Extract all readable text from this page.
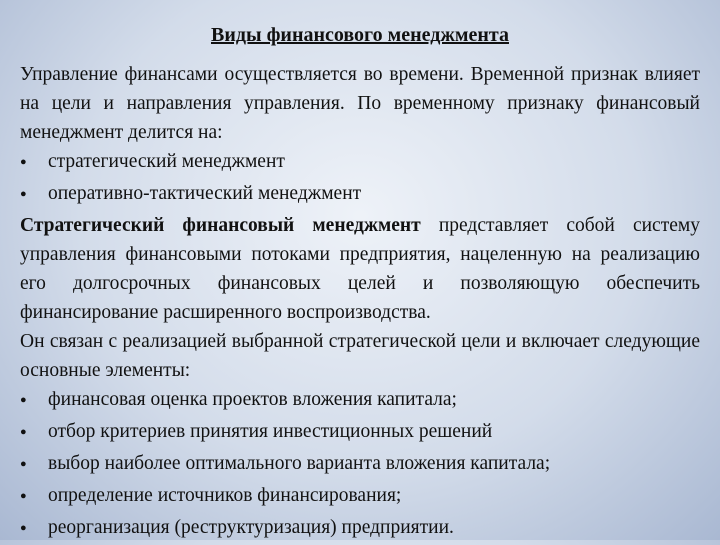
Виды финансового менеджмента

Управление финансами осуществляется во времени. Временной признак влияет на цели и направления управления. По временному признаку финансовый менеджмент делится на:

●	стратегический менеджмент
●	оперативно-тактический менеджмент

Стратегический финансовый менеджмент представляет собой систему управления финансовыми потоками предприятия, нацеленную на реализацию его долгосрочных финансовых целей и позволяющую обеспечить финансирование расширенного воспроизводства.

Он связан с реализацией выбранной стратегической цели и включает следующие основные элементы:

●	финансовая оценка проектов вложения капитала;
●	отбор критериев принятия инвестиционных решений
●	выбор наиболее оптимального варианта вложения капитала;
●	определение источников финансирования;
●	реорганизация (реструктуризация) предприятии.
